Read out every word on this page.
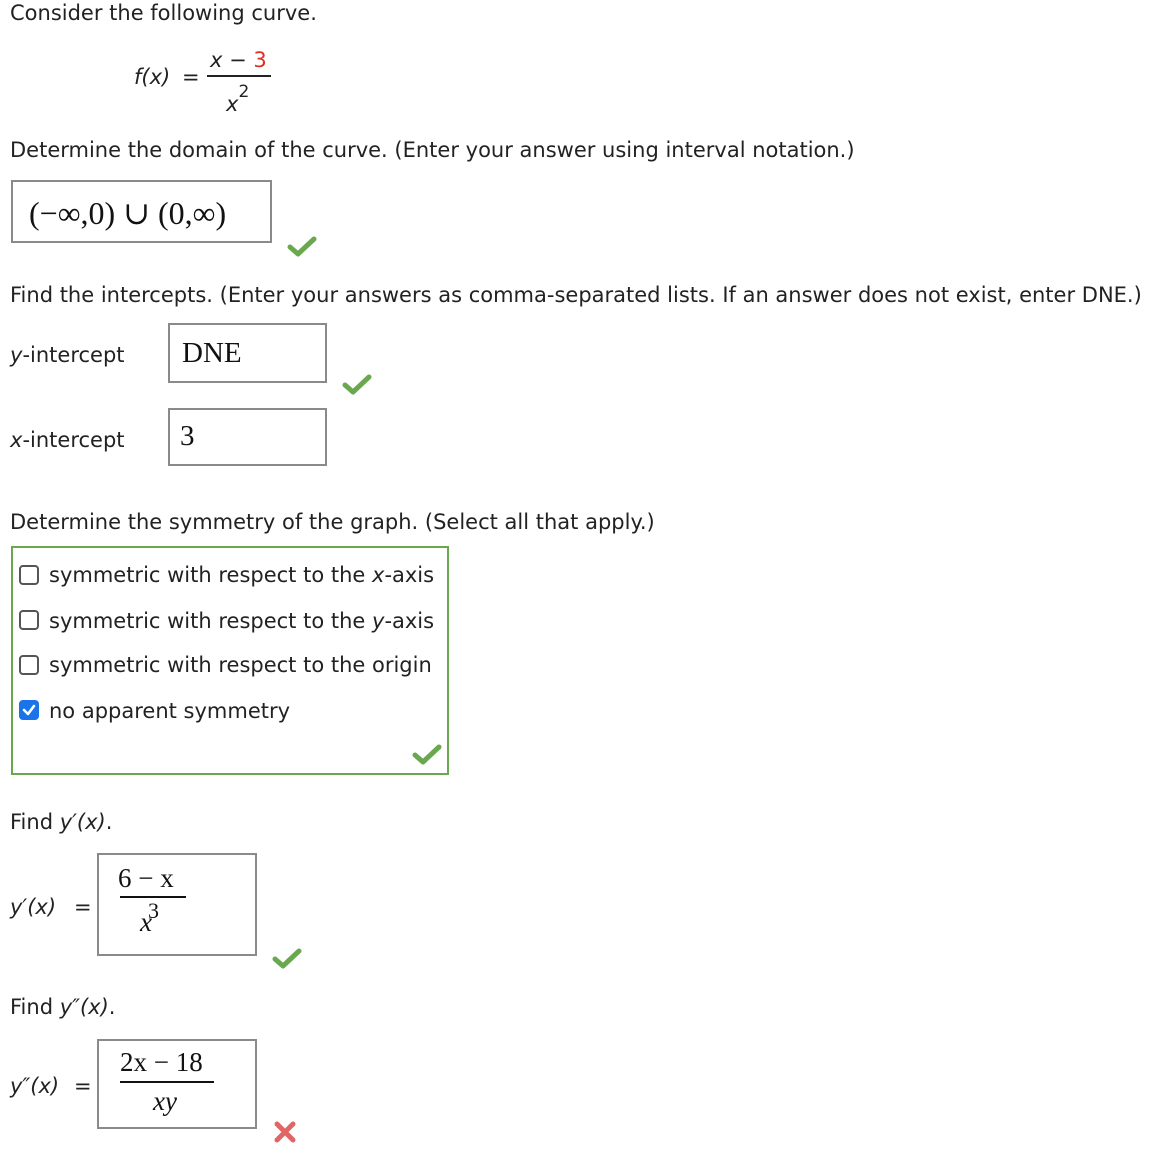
Consider the following curve.
f(x) =
x − 3
$x^2$
Determine the domain of the curve. (Enter your answer using interval notation.)
(−∞,0) ∪ (0,∞)
Find the intercepts. (Enter your answers as comma-separated lists. If an answer does not exist, enter DNE.)
y-intercept DNE
x-intercept 3
Determine the symmetry of the graph. (Select all that apply.)
symmetric with respect to the x-axis
symmetric with respect to the y-axis
symmetric with respect to the origin
no apparent symmetry
Find y′(x).
y′(x) =
6 − x
$x^3$
Find y″(x).
y″(x) =
2x − 18
xy
